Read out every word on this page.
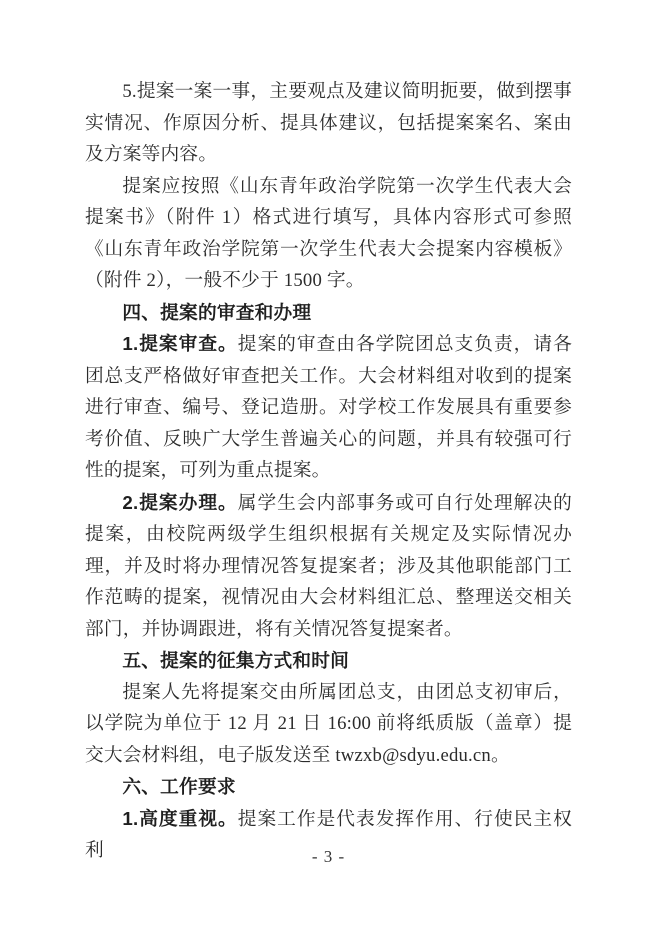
5.提案一案一事，主要观点及建议简明扼要，做到摆事实情况、作原因分析、提具体建议，包括提案案名、案由及方案等内容。

提案应按照《山东青年政治学院第一次学生代表大会提案书》（附件 1）格式进行填写，具体内容形式可参照《山东青年政治学院第一次学生代表大会提案内容模板》（附件 2），一般不少于 1500 字。

四、提案的审查和办理

1.提案审查。提案的审查由各学院团总支负责，请各团总支严格做好审查把关工作。大会材料组对收到的提案进行审查、编号、登记造册。对学校工作发展具有重要参考价值、反映广大学生普遍关心的问题，并具有较强可行性的提案，可列为重点提案。

2.提案办理。属学生会内部事务或可自行处理解决的提案，由校院两级学生组织根据有关规定及实际情况办理，并及时将办理情况答复提案者；涉及其他职能部门工作范畴的提案，视情况由大会材料组汇总、整理送交相关部门，并协调跟进，将有关情况答复提案者。

五、提案的征集方式和时间

提案人先将提案交由所属团总支，由团总支初审后，以学院为单位于 12 月 21 日 16:00 前将纸质版（盖章）提交大会材料组，电子版发送至 twzxb@sdyu.edu.cn。

六、工作要求

1.高度重视。提案工作是代表发挥作用、行使民主权利	- 3 -
